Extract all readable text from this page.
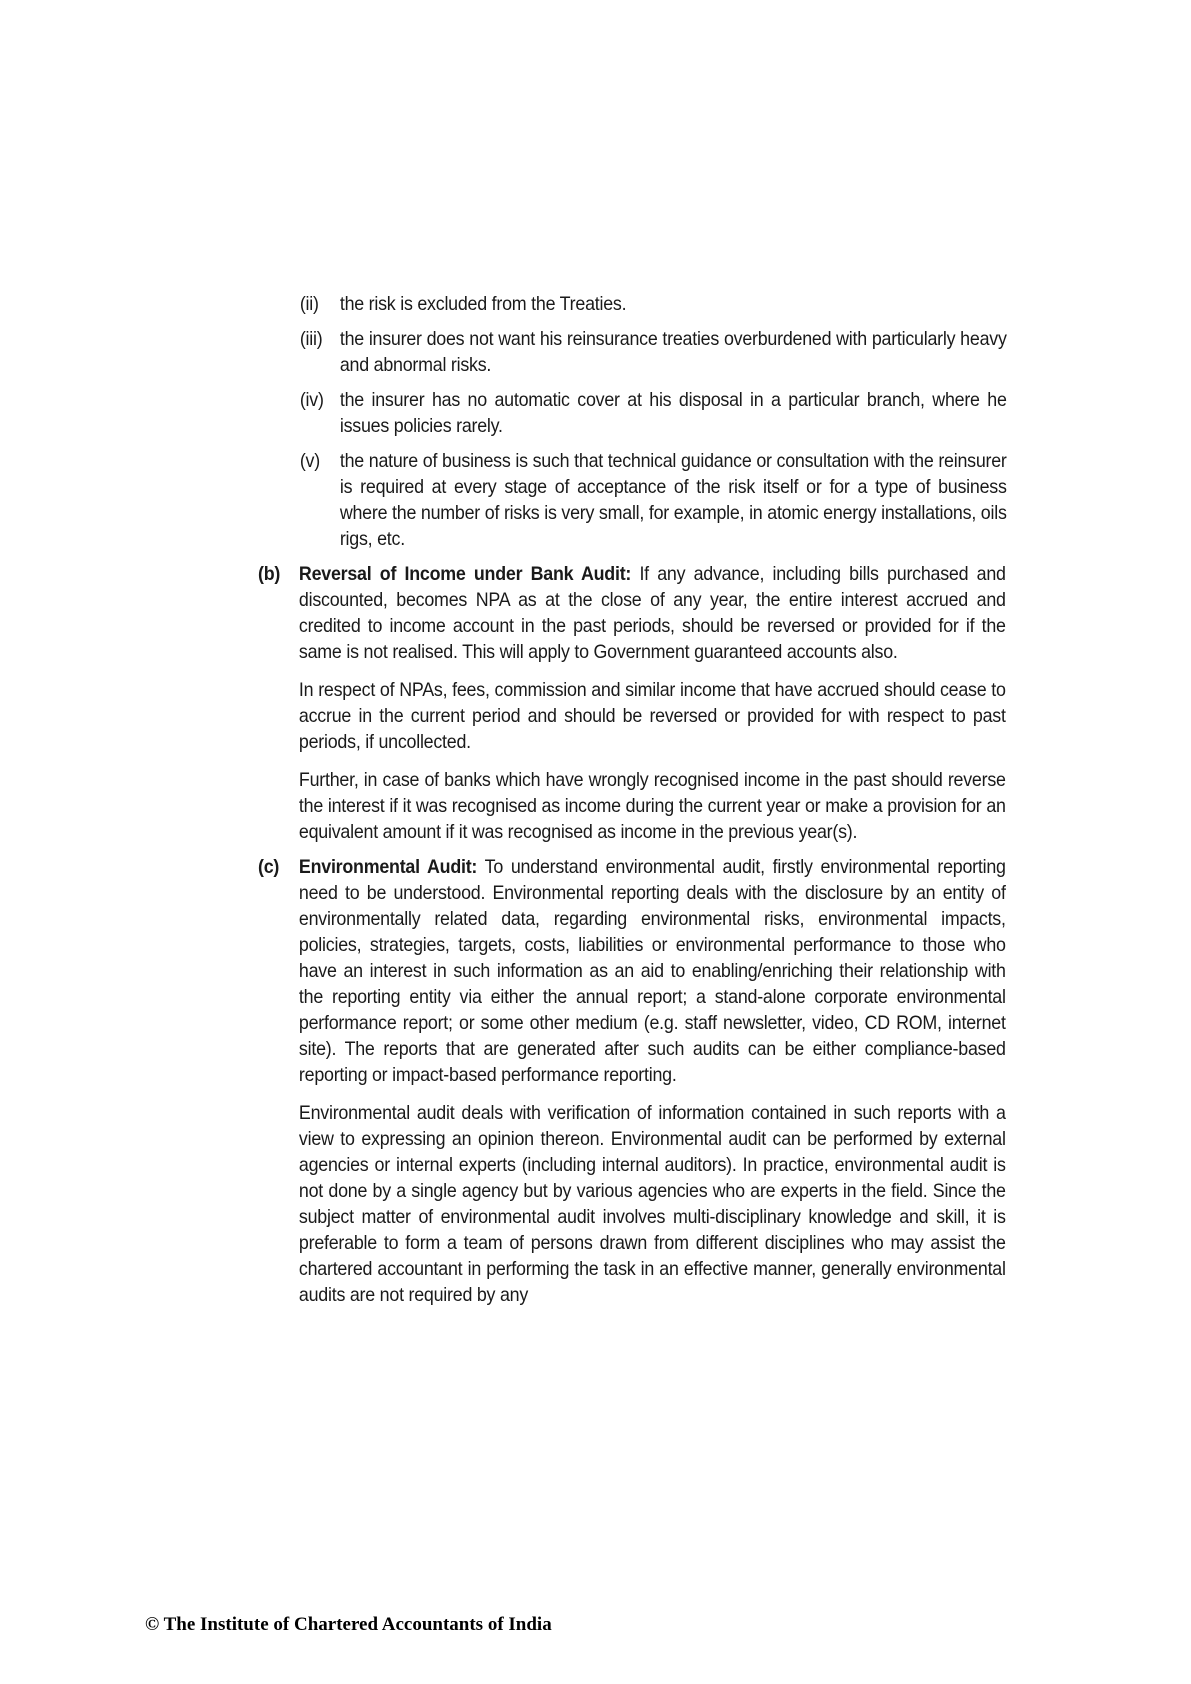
(ii)	the risk is excluded from the Treaties.
(iii) the insurer does not want his reinsurance treaties overburdened with particularly heavy and abnormal risks.
(iv) the insurer has no automatic cover at his disposal in a particular branch, where he issues policies rarely.
(v)	the nature of business is such that technical guidance or consultation with the reinsurer is required at every stage of acceptance of the risk itself or for a type of business where the number of risks is very small, for example, in atomic energy installations, oils rigs, etc.
(b) Reversal of Income under Bank Audit: If any advance, including bills purchased and discounted, becomes NPA as at the close of any year, the entire interest accrued and credited to income account in the past periods, should be reversed or provided for if the same is not realised. This will apply to Government guaranteed accounts also.

In respect of NPAs, fees, commission and similar income that have accrued should cease to accrue in the current period and should be reversed or provided for with respect to past periods, if uncollected.

Further, in case of banks which have wrongly recognised income in the past should reverse the interest if it was recognised as income during the current year or make a provision for an equivalent amount if it was recognised as income in the previous year(s).

(c)	Environmental Audit: To understand environmental audit, firstly environmental reporting need to be understood. Environmental reporting deals with the disclosure by an entity of environmentally related data, regarding environmental risks, environmental impacts, policies, strategies, targets, costs, liabilities or environmental performance to those who have an interest in such information as an aid to enabling/enriching their relationship with the reporting entity via either the annual report; a stand-alone corporate environmental performance report; or some other medium (e.g. staff newsletter, video, CD ROM, internet site). The reports that are generated after such audits can be either compliance-based reporting or impact-based performance reporting.

Environmental audit deals with verification of information contained in such reports with a view to expressing an opinion thereon. Environmental audit can be performed by external agencies or internal experts (including internal auditors). In practice, environmental audit is not done by a single agency but by various agencies who are experts in the field. Since the subject matter of environmental audit involves multi-disciplinary knowledge and skill, it is preferable to form a team of persons drawn from different disciplines who may assist the chartered accountant in performing the task in an effective manner, generally environmental audits are not required by any

© The Institute of Chartered Accountants of India
